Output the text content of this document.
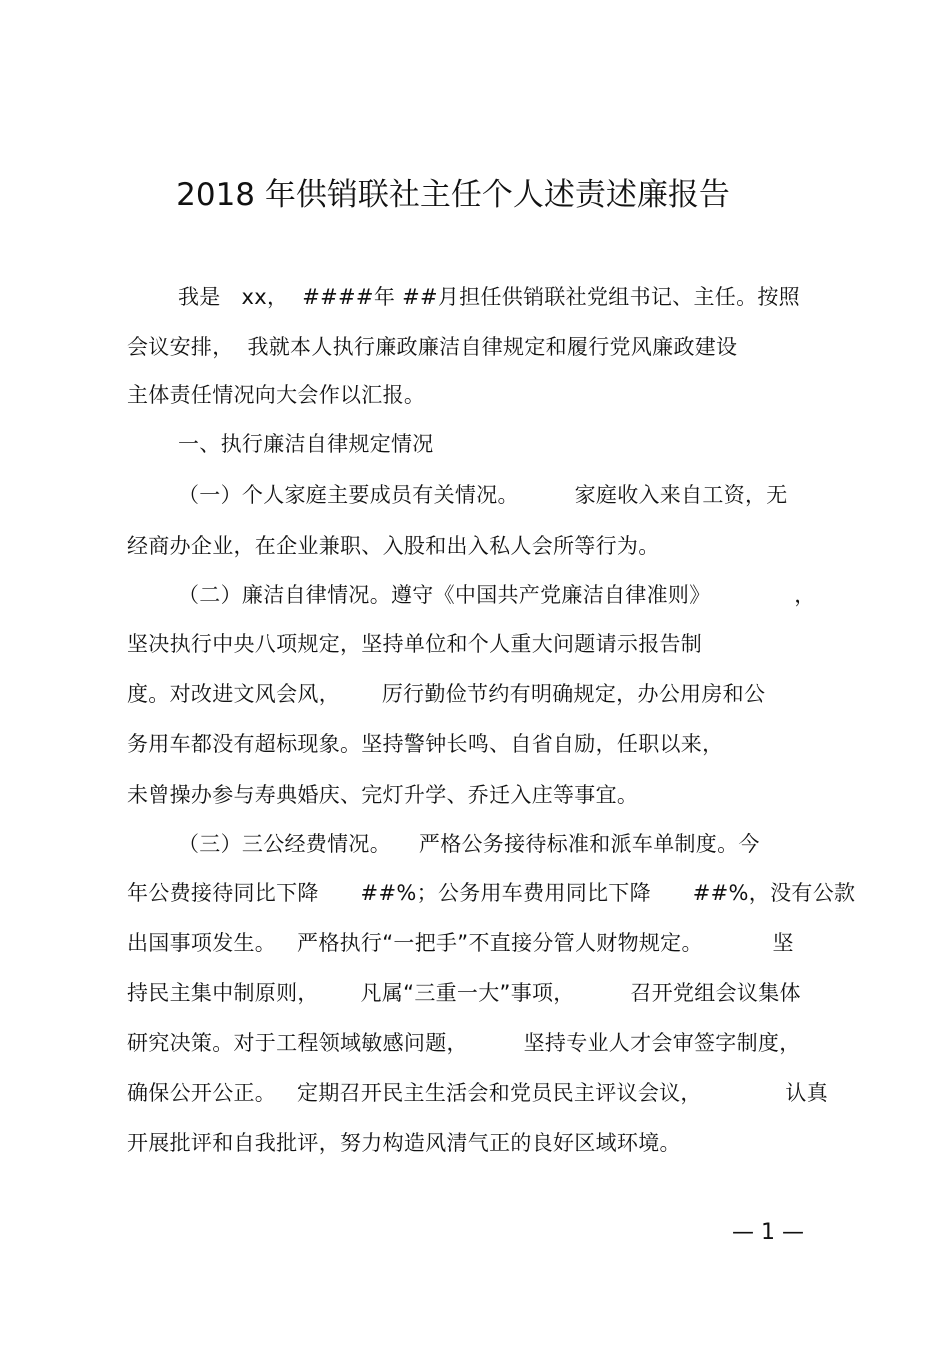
2018 年供销联社主任个人述责述廉报告
我是   xx，  ####年 ##月担任供销联社党组书记、主任。按照
会议安排，  我就本人执行廉政廉洁自律规定和履行党风廉政建设
主体责任情况向大会作以汇报。
一、执行廉洁自律规定情况
（一）个人家庭主要成员有关情况。        家庭收入来自工资，无
经商办企业，在企业兼职、入股和出入私人会所等行为。
（二）廉洁自律情况。遵守《中国共产党廉洁自律准则》            ，
坚决执行中央八项规定，坚持单位和个人重大问题请示报告制
度。对改进文风会风，      厉行勤俭节约有明确规定，办公用房和公
务用车都没有超标现象。坚持警钟长鸣、自省自励，任职以来，
未曾操办参与寿典婚庆、完灯升学、乔迁入庄等事宜。
（三）三公经费情况。    严格公务接待标准和派车单制度。今
年公费接待同比下降      ##%；公务用车费用同比下降      ##%，没有公款
出国事项发生。   严格执行“一把手”不直接分管人财物规定。          坚
持民主集中制原则，      凡属“三重一大”事项，        召开党组会议集体
研究决策。对于工程领域敏感问题，        坚持专业人才会审签字制度，
确保公开公正。   定期召开民主生活会和党员民主评议会议，            认真
开展批评和自我批评，努力构造风清气正的良好区域环境。
— 1 —
